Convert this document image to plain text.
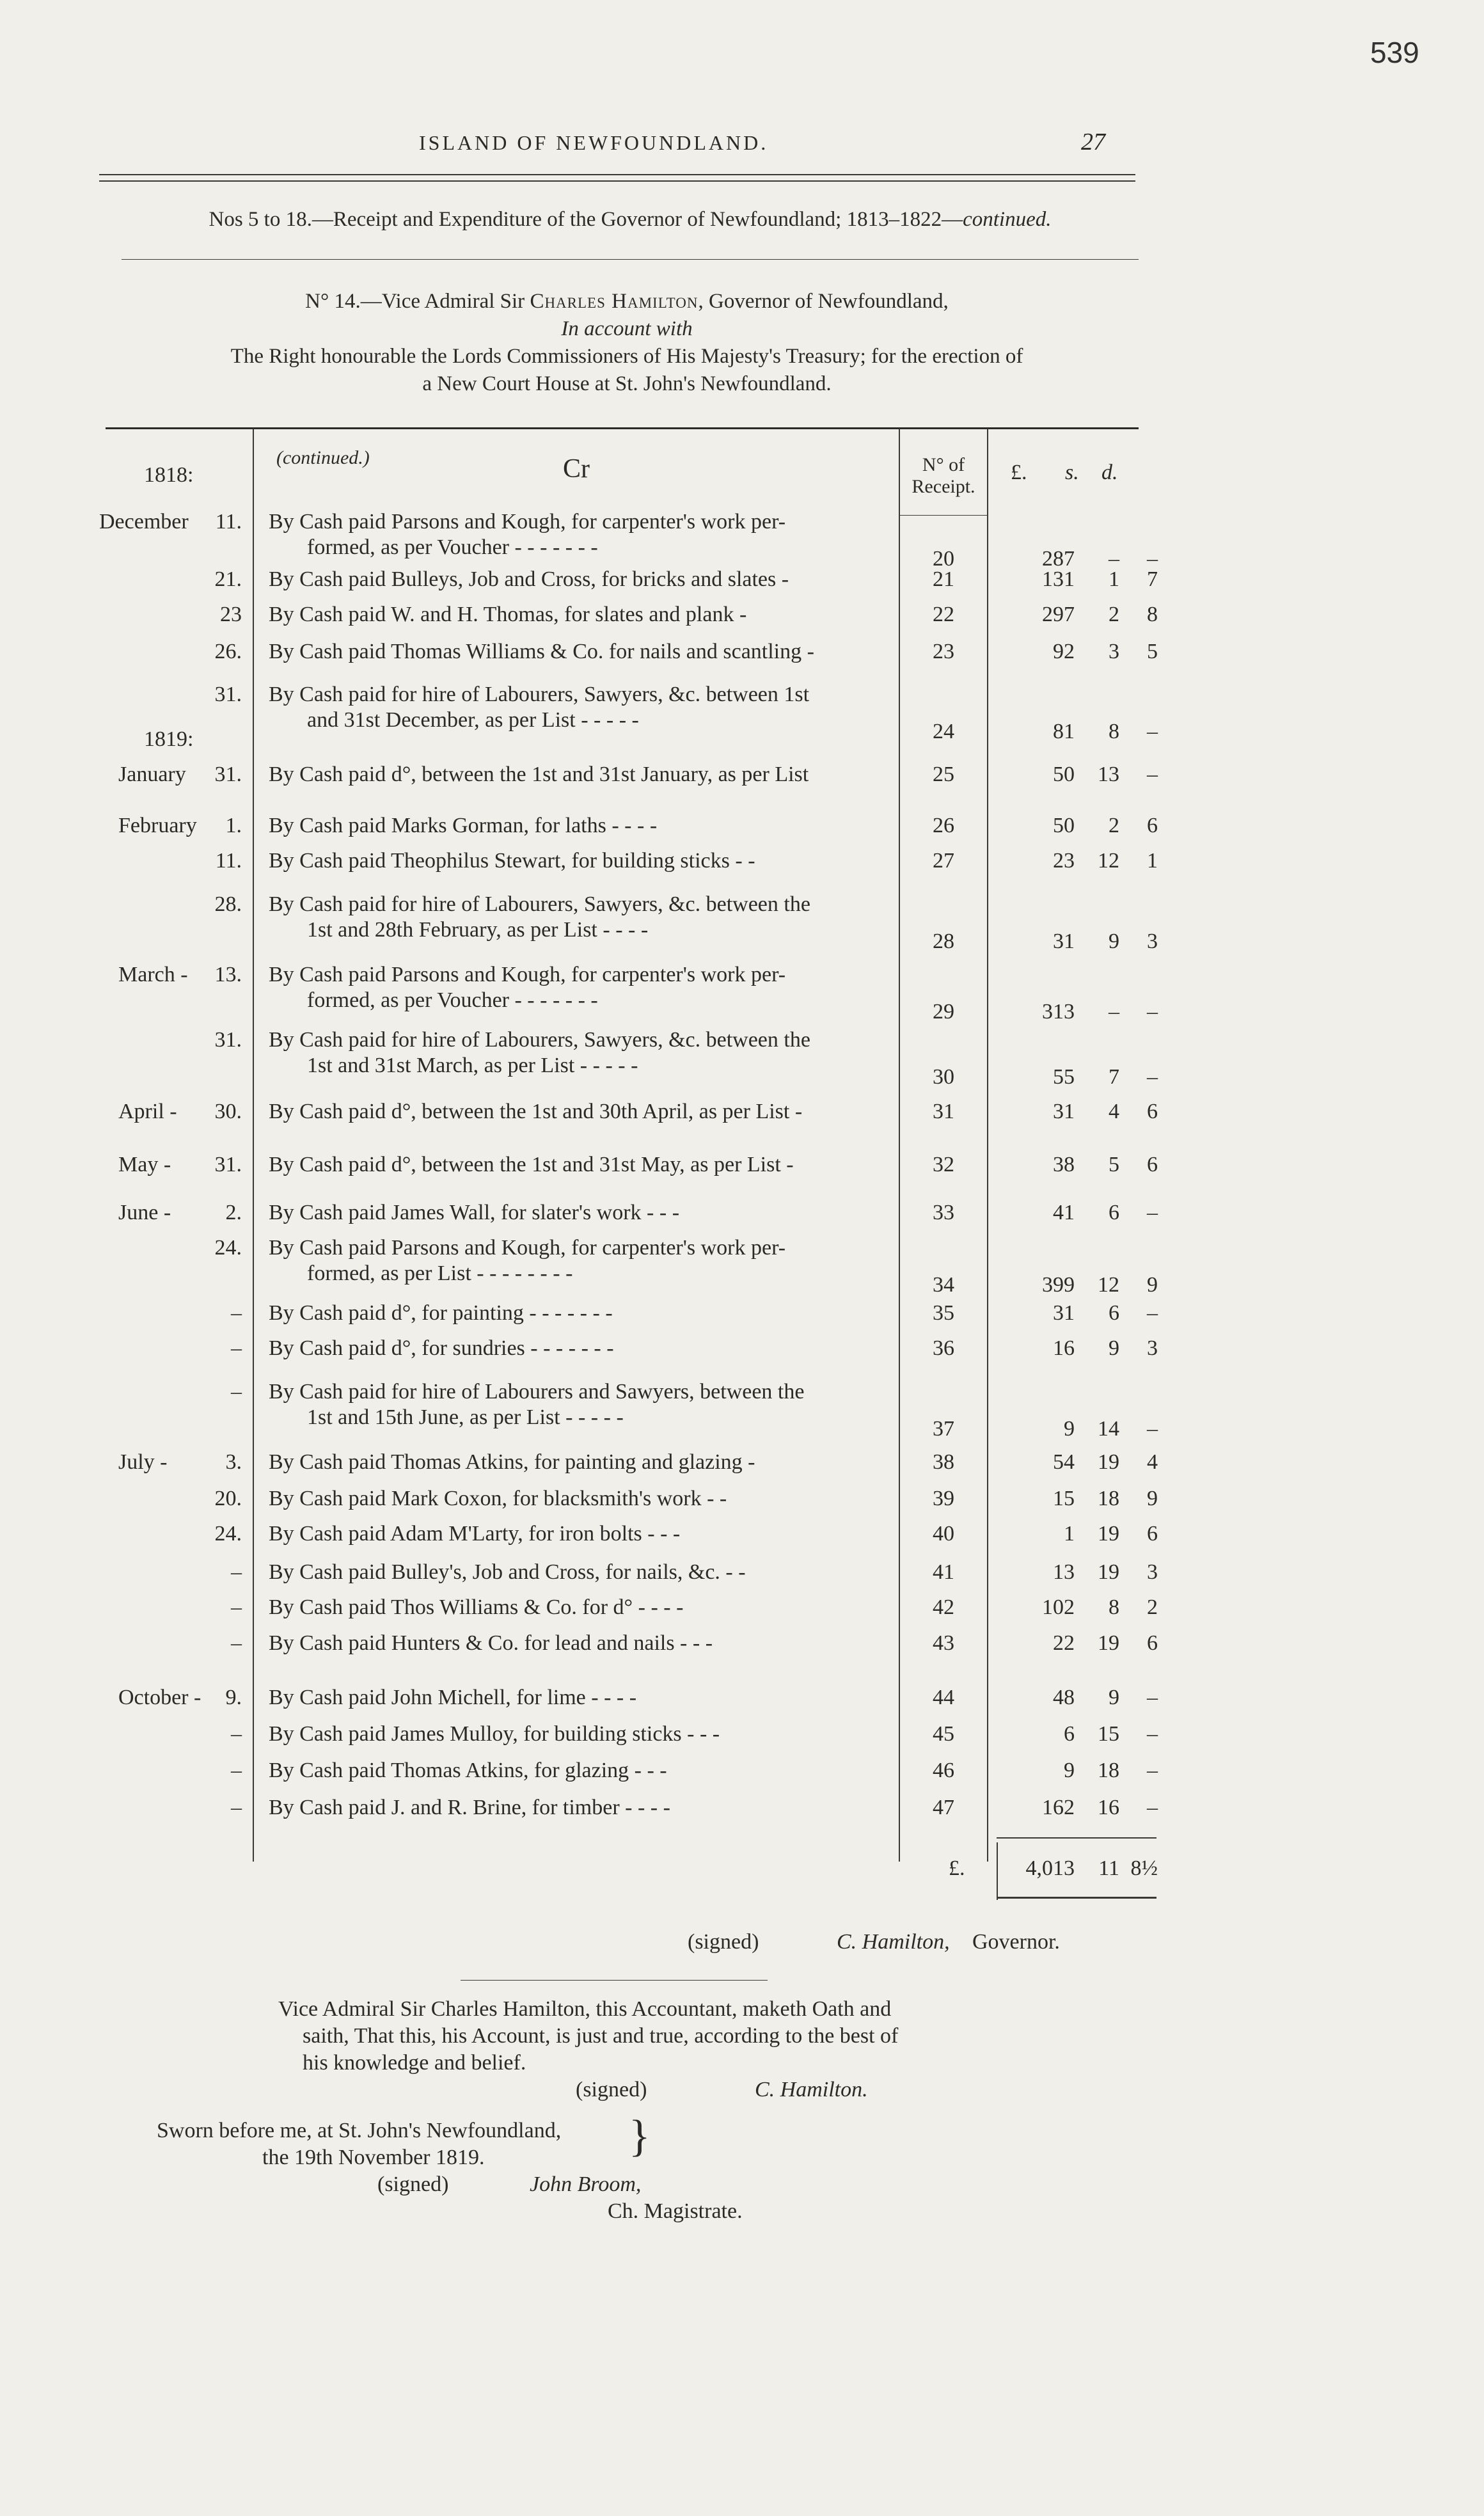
539
ISLAND OF NEWFOUNDLAND.	27
Nos 5 to 18.—Receipt and Expenditure of the Governor of Newfoundland; 1813–1822—continued.
N° 14.—Vice Admiral Sir Charles Hamilton, Governor of Newfoundland,
In account with
The Right honourable the Lords Commissioners of His Majesty's Treasury; for the erection of
a New Court House at St. John's Newfoundland.
1818:
(continued.)	Cr	N° of Receipt.
£. s. d.
December	11. By Cash paid Parsons and Kough, for carpenter's work per-
formed, as per Voucher - - - - - - -	20	287	–	–
21. By Cash paid Bulleys, Job and Cross, for bricks and slates -	21	131	1	7
23 By Cash paid W. and H. Thomas, for slates and plank -	22	297	2	8
26. By Cash paid Thomas Williams & Co. for nails and scantling -	23	92	3	5
31. By Cash paid for hire of Labourers, Sawyers, &c. between 1st
and 31st December, as per List - - - - -	24	81	8	–
January	31. By Cash paid d°, between the 1st and 31st January, as per List	25	50	13	–
February	1. By Cash paid Marks Gorman, for laths - - - -	26	50	2	6
11. By Cash paid Theophilus Stewart, for building sticks - -	27	23	12	1
28. By Cash paid for hire of Labourers, Sawyers, &c. between the
1st and 28th February, as per List - - - -	28	31	9	3
March -	13. By Cash paid Parsons and Kough, for carpenter's work per-
formed, as per Voucher - - - - - - -	29	313	–	–
31. By Cash paid for hire of Labourers, Sawyers, &c. between the
1st and 31st March, as per List - - - - -	30	55	7	–
April -	30. By Cash paid d°, between the 1st and 30th April, as per List -	31	31	4	6
May -	31. By Cash paid d°, between the 1st and 31st May, as per List -	32	38	5	6
June -	2. By Cash paid James Wall, for slater's work - - -	33	41	6	–
24. By Cash paid Parsons and Kough, for carpenter's work per-
formed, as per List - - - - - - - -	34	399	12	9
– By Cash paid d°, for painting - - - - - - -	35	31	6	–
– By Cash paid d°, for sundries - - - - - - -	36	16	9	3
– By Cash paid for hire of Labourers and Sawyers, between the
1st and 15th June, as per List - - - - -	37	9	14	–
July -	3. By Cash paid Thomas Atkins, for painting and glazing -	38	54	19	4
20. By Cash paid Mark Coxon, for blacksmith's work - -	39	15	18	9
24. By Cash paid Adam M'Larty, for iron bolts - - -	40	1	19	6
– By Cash paid Bulley's, Job and Cross, for nails, &c. - -	41	13	19	3
– By Cash paid Thos Williams & Co. for d° - - - -	42	102	8	2
– By Cash paid Hunters & Co. for lead and nails - - -	43	22	19	6
October -	9. By Cash paid John Michell, for lime - - - -	44	48	9	–
– By Cash paid James Mulloy, for building sticks - - -	45	6	15	–
– By Cash paid Thomas Atkins, for glazing - - -	46	9	18	–
– By Cash paid J. and R. Brine, for timber - - - -	47	162	16	–
1819:
£.	4,013	11 8½
(signed)	C. Hamilton, Governor.
Vice Admiral Sir Charles Hamilton, this Accountant, maketh Oath and
saith, That this, his Account, is just and true, according to the best of
his knowledge and belief.
(signed)	C. Hamilton.
Sworn before me, at St. John's Newfoundland,
the 19th November 1819.	}
(signed)	John Broom,
Ch. Magistrate.
